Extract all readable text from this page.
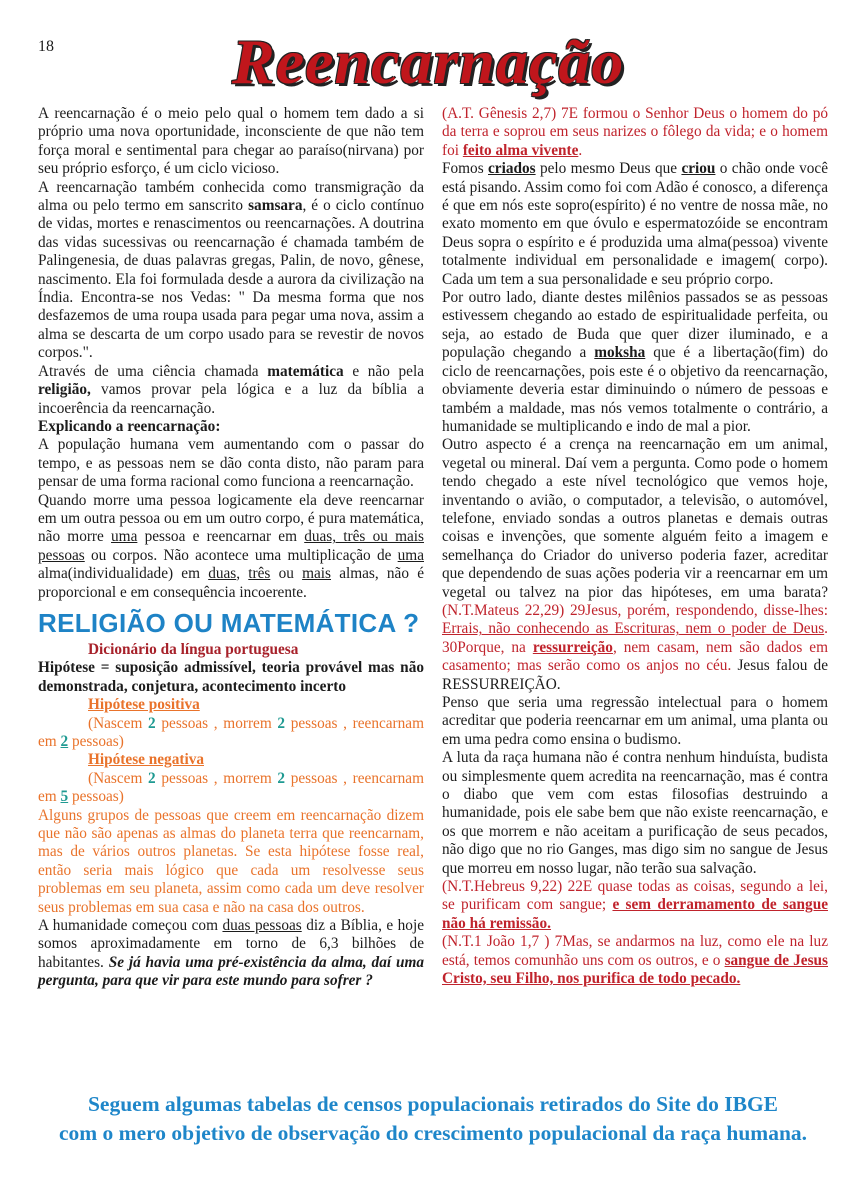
18	Reencarnação

A reencarnação é o meio pelo qual o homem tem dado a si próprio uma nova oportunidade, inconsciente de que não tem força moral e sentimental para chegar ao paraíso(nirvana) por seu próprio esforço, é um ciclo vicioso.

A reencarnação também conhecida como transmigração da alma ou pelo termo em sanscrito samsara, é o ciclo contínuo de vidas, mortes e renascimentos ou reencarnações. A doutrina das vidas sucessivas ou reencarnação é chamada também de Palingenesia, de duas palavras gregas, Palin, de novo, gênese, nascimento. Ela foi formulada desde a aurora da civilização na Índia. Encontra-se nos Vedas: " Da mesma forma que nos desfazemos de uma roupa usada para pegar uma nova, assim a alma se descarta de um corpo usado para se revestir de novos corpos.".

Através de uma ciência chamada matemática e não pela religião, vamos provar pela lógica e a luz da bíblia a incoerência da reencarnação.

Explicando a reencarnação:

A população humana vem aumentando com o passar do tempo, e as pessoas nem se dão conta disto, não param para pensar de uma forma racional como funciona a reencarnação.

Quando morre uma pessoa logicamente ela deve reencarnar em um outra pessoa ou em um outro corpo, é pura matemática, não morre uma pessoa e reencarnar em duas, três ou mais pessoas ou corpos. Não acontece uma multiplicação de uma alma(individualidade) em duas, três ou mais almas, não é proporcional e em consequência incoerente.

RELIGIÃO OU MATEMÁTICA ?

Dicionário da língua portuguesa

Hipótese = suposição admissível, teoria provável mas não demonstrada, conjetura, acontecimento incerto

Hipótese positiva

(Nascem 2 pessoas , morrem 2 pessoas , reencarnam em 2 pessoas)

Hipótese negativa

(Nascem 2 pessoas , morrem 2 pessoas , reencarnam em 5 pessoas)

Alguns grupos de pessoas que creem em reencarnação dizem que não são apenas as almas do planeta terra que reencarnam, mas de vários outros planetas. Se esta hipótese fosse real, então seria mais lógico que cada um resolvesse seus problemas em seu planeta, assim como cada um deve resolver seus problemas em sua casa e não na casa dos outros.

A humanidade começou com duas pessoas diz a Bíblia, e hoje somos aproximadamente em torno de 6,3 bilhões de habitantes. Se já havia uma pré-existência da alma, daí uma pergunta, para que vir para este mundo para sofrer ?

(A.T. Gênesis 2,7) 7E formou o Senhor Deus o homem do pó da terra e soprou em seus narizes o fôlego da vida; e o homem foi feito alma vivente.

Fomos criados pelo mesmo Deus que criou o chão onde você está pisando. Assim como foi com Adão é conosco, a diferença é que em nós este sopro(espírito) é no ventre de nossa mãe, no exato momento em que óvulo e espermatozóide se encontram Deus sopra o espírito e é produzida uma alma(pessoa) vivente totalmente individual em personalidade e imagem( corpo). Cada um tem a sua personalidade e seu próprio corpo.

Por outro lado, diante destes milênios passados se as pessoas estivessem chegando ao estado de espiritualidade perfeita, ou seja, ao estado de Buda que quer dizer iluminado, e a população chegando a moksha que é a libertação(fim) do ciclo de reencarnações, pois este é o objetivo da reencarnação, obviamente deveria estar diminuindo o número de pessoas e também a maldade, mas nós vemos totalmente o contrário, a humanidade se multiplicando e indo de mal a pior.

Outro aspecto é a crença na reencarnação em um animal, vegetal ou mineral. Daí vem a pergunta. Como pode o homem tendo chegado a este nível tecnológico que vemos hoje, inventando o avião, o computador, a televisão, o automóvel, telefone, enviado sondas a outros planetas e demais outras coisas e invenções, que somente alguém feito a imagem e semelhança do Criador do universo poderia fazer, acreditar que dependendo de suas ações poderia vir a reencarnar em um vegetal ou talvez na pior das hipóteses, em uma barata?(N.T.Mateus 22,29) 29Jesus, porém, respondendo, disse-lhes: Errais, não conhecendo as Escrituras, nem o poder de Deus. 30Porque, na ressurreição, nem casam, nem são dados em casamento; mas serão como os anjos no céu. Jesus falou de RESSURREIÇÃO.

Penso que seria uma regressão intelectual para o homem acreditar que poderia reencarnar em um animal, uma planta ou em uma pedra como ensina o budismo.

A luta da raça humana não é contra nenhum hinduísta, budista ou simplesmente quem acredita na reencarnação, mas é contra o diabo que vem com estas filosofias destruindo a humanidade, pois ele sabe bem que não existe reencarnação, e os que morrem e não aceitam a purificação de seus pecados, não digo que no rio Ganges, mas digo sim no sangue de Jesus que morreu em nosso lugar, não terão sua salvação.

(N.T.Hebreus 9,22) 22E quase todas as coisas, segundo a lei, se purificam com sangue; e sem derramamento de sangue não há remissão.

(N.T.1 João 1,7 ) 7Mas, se andarmos na luz, como ele na luz está, temos comunhão uns com os outros, e o sangue de Jesus Cristo, seu Filho, nos purifica de todo pecado.

Seguem algumas tabelas de censos populacionais retirados do Site do IBGE

com o mero objetivo de observação do crescimento populacional da raça humana.
